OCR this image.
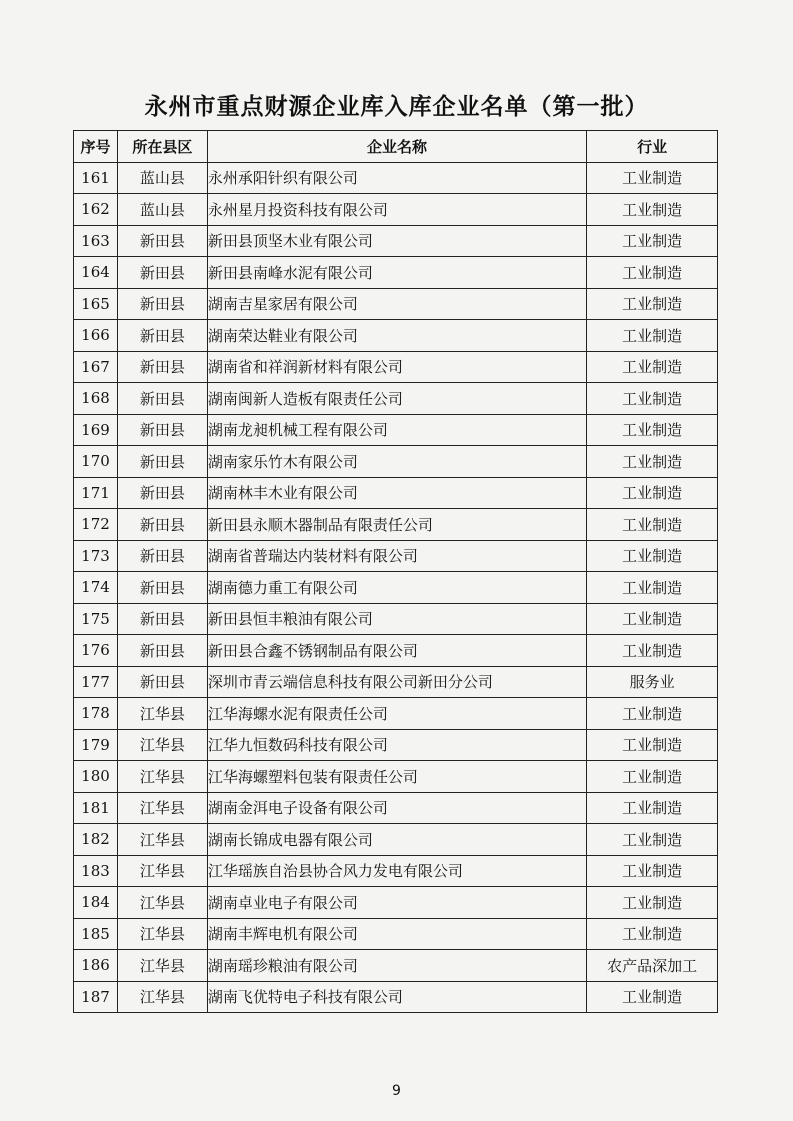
永州市重点财源企业库入库企业名单（第一批）
序号	所在县区	企业名称	行业
161	蓝山县	永州承阳针织有限公司	工业制造
162	蓝山县	永州星月投资科技有限公司	工业制造
163	新田县	新田县顶坚木业有限公司	工业制造
164	新田县	新田县南峰水泥有限公司	工业制造
165	新田县	湖南吉星家居有限公司	工业制造
166	新田县	湖南荣达鞋业有限公司	工业制造
167	新田县	湖南省和祥润新材料有限公司	工业制造
168	新田县	湖南闽新人造板有限责任公司	工业制造
169	新田县	湖南龙昶机械工程有限公司	工业制造
170	新田县	湖南家乐竹木有限公司	工业制造
171	新田县	湖南林丰木业有限公司	工业制造
172	新田县	新田县永顺木器制品有限责任公司	工业制造
173	新田县	湖南省普瑞达内装材料有限公司	工业制造
174	新田县	湖南德力重工有限公司	工业制造
175	新田县	新田县恒丰粮油有限公司	工业制造
176	新田县	新田县合鑫不锈钢制品有限公司	工业制造
177	新田县	深圳市青云端信息科技有限公司新田分公司	服务业
178	江华县	江华海螺水泥有限责任公司	工业制造
179	江华县	江华九恒数码科技有限公司	工业制造
180	江华县	江华海螺塑料包装有限责任公司	工业制造
181	江华县	湖南金洱电子设备有限公司	工业制造
182	江华县	湖南长锦成电器有限公司	工业制造
183	江华县	江华瑶族自治县协合风力发电有限公司	工业制造
184	江华县	湖南卓业电子有限公司	工业制造
185	江华县	湖南丰辉电机有限公司	工业制造
186	江华县	湖南瑶珍粮油有限公司	农产品深加工
187	江华县	湖南飞优特电子科技有限公司	工业制造
9
